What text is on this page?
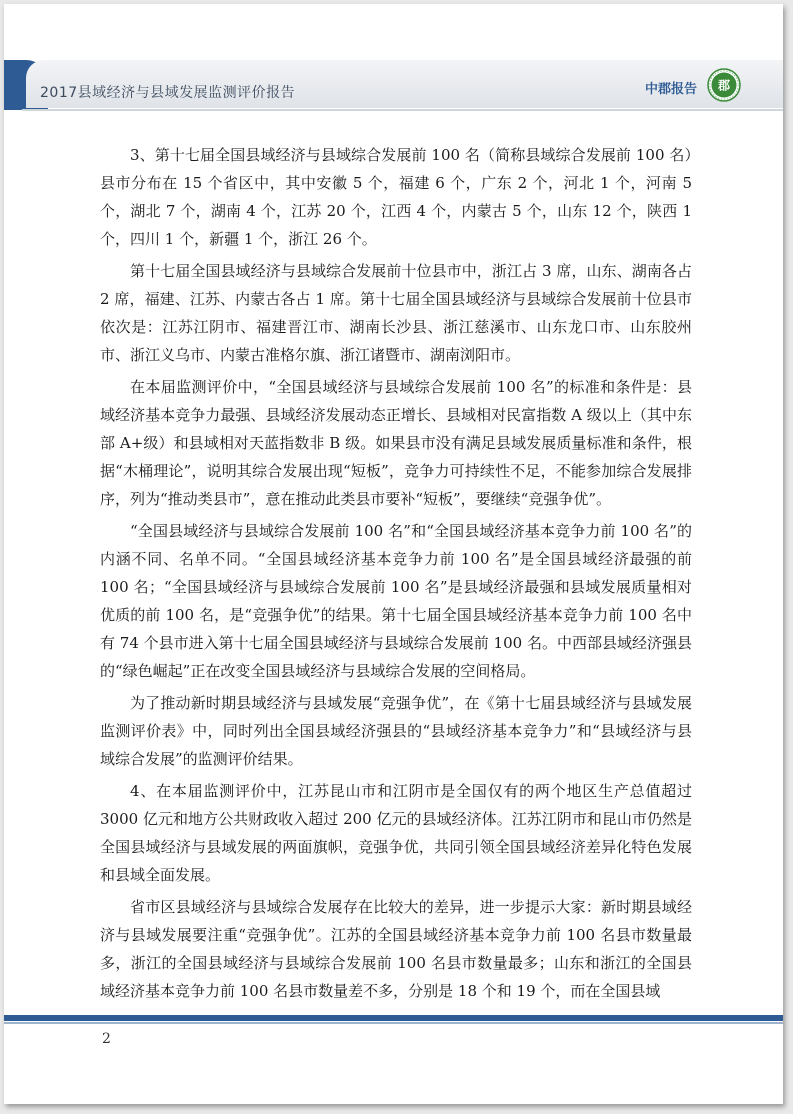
2017县域经济与县域发展监测评价报告	中郡报告 郡

3、第十七届全国县域经济与县域综合发展前 100 名（简称县域综合发展前 100 名）县市分布在 15 个省区中，其中安徽 5 个，福建 6 个，广东 2 个，河北 1 个，河南 5 个，湖北 7 个，湖南 4 个，江苏 20 个，江西 4 个，内蒙古 5 个，山东 12 个，陕西 1 个，四川 1 个，新疆 1 个，浙江 26 个。

第十七届全国县域经济与县域综合发展前十位县市中，浙江占 3 席，山东、湖南各占 2 席，福建、江苏、内蒙古各占 1 席。第十七届全国县域经济与县域综合发展前十位县市依次是：江苏江阴市、福建晋江市、湖南长沙县、浙江慈溪市、山东龙口市、山东胶州市、浙江义乌市、内蒙古准格尔旗、浙江诸暨市、湖南浏阳市。

在本届监测评价中，“全国县域经济与县域综合发展前 100 名”的标准和条件是：县域经济基本竞争力最强、县域经济发展动态正增长、县域相对民富指数 A 级以上（其中东部 A+级）和县域相对天蓝指数非 B 级。如果县市没有满足县域发展质量标准和条件，根据“木桶理论”，说明其综合发展出现“短板”，竞争力可持续性不足，不能参加综合发展排序，列为“推动类县市”，意在推动此类县市要补“短板”，要继续“竞强争优”。

“全国县域经济与县域综合发展前 100 名”和“全国县域经济基本竞争力前 100 名”的内涵不同、名单不同。“全国县域经济基本竞争力前 100 名”是全国县域经济最强的前 100 名；“全国县域经济与县域综合发展前 100 名”是县域经济最强和县域发展质量相对优质的前 100 名，是“竞强争优”的结果。第十七届全国县域经济基本竞争力前 100 名中有 74 个县市进入第十七届全国县域经济与县域综合发展前 100 名。中西部县域经济强县的“绿色崛起”正在改变全国县域经济与县域综合发展的空间格局。

为了推动新时期县域经济与县域发展“竞强争优”，在《第十七届县域经济与县域发展监测评价表》中，同时列出全国县域经济强县的“县域经济基本竞争力”和“县域经济与县域综合发展”的监测评价结果。

4、在本届监测评价中，江苏昆山市和江阴市是全国仅有的两个地区生产总值超过 3000 亿元和地方公共财政收入超过 200 亿元的县域经济体。江苏江阴市和昆山市仍然是全国县域经济与县域发展的两面旗帜，竞强争优，共同引领全国县域经济差异化特色发展和县域全面发展。

省市区县域经济与县域综合发展存在比较大的差异，进一步提示大家：新时期县域经济与县域发展要注重“竞强争优”。江苏的全国县域经济基本竞争力前 100 名县市数量最多，浙江的全国县域经济与县域综合发展前 100 名县市数量最多；山东和浙江的全国县域经济基本竞争力前 100 名县市数量差不多，分别是 18 个和 19 个，而在全国县域

2
